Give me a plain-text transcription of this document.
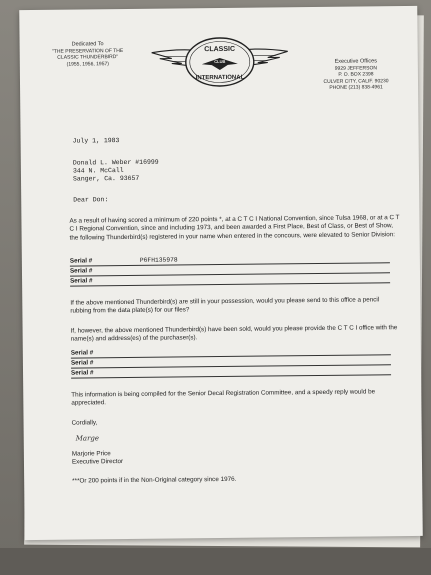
Dedicated To
"THE PRESERVATION OF THE
CLASSIC THUNDERBIRD"
(1955, 1956, 1957)
CLASSIC
CLUB
INTERNATIONAL
Executive Offices
9929 JEFFERSON
P. O. BOX 2398
CULVER CITY, CALIF. 90230
PHONE (213) 838-4961
July 1, 1983
Donald L. Weber #16999
344 N. McCall
Sanger, Ca. 93657
Dear Don:
As a result of having scored a minimum of 220 points *, at a C T C I National Convention, since Tulsa 1968, or at a C T C I Regional Convention, since and including 1973, and been awarded a First Place, Best of Class, or Best of Show, the following Thunderbird(s) registered in your name when entered in the concours, were elevated to Senior Division:
Serial #	P6FH135978
Serial #
Serial #
If the above mentioned Thunderbird(s) are still in your possession, would you please send to this office a pencil rubbing from the data plate(s) for our files?
If, however, the above mentioned Thunderbird(s) have been sold, would you please provide the C T C I office with the name(s) and address(es) of the purchaser(s).
Serial #
Serial #
Serial #
This information is being compiled for the Senior Decal Registration Committee, and a speedy reply would be appreciated.
Cordially,
Marge
Marjorie Price
Executive Director
***Or 200 points if in the Non-Original category since 1976.
